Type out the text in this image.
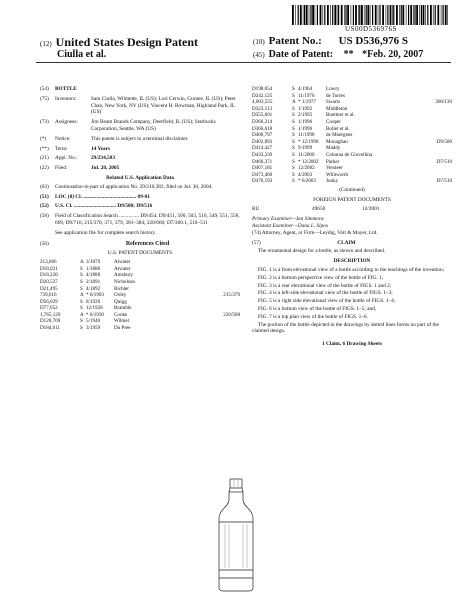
US00D536976S
(12) United States Design Patent
Ciulla et al.
(10) Patent No.: US D536,976 S
(45) Date of Patent: ** *Feb. 20, 2007
(54)	BOTTLE
(75)	Inventors:	Sam Ciulla, Wilmette, IL (US); Lori Cerwin, Gurnee, IL (US); Peter Chan, New York, NY (US); Vincent H. Bowman, Highland Park, IL (US)
(73)	Assignees:	Jim Beam Brands Company, Deerfield, IL (US); Starbucks Corporation, Seattle, WA (US)
(*)	Notice:	This patent is subject to a terminal disclaimer.
(**)	Term:	14 Years
(21)	Appl. No.:	29/234,583
(22)	Filed:	Jul. 20, 2005
Related U.S. Application Data
(63)	Continuation-in-part of application No. 29/210,383, filed on Jul. 30, 2004.
(51)	LOC (8) Cl. ........................................ 09-01
(52)	U.S. Cl. ................................ D9/500; D9/516
(58)	Field of Classification Search ............... D9/454, D9/451, 500, 503, 516, 549, 551, 558, 669, D9/716; 215/370, 371, 379, 381–384; 220/660; D7/300.1, 510–511
See application file for complete search history.
(56)	References Cited
U.S. PATENT DOCUMENTS
213,666	A	3/1879	Atwater	
D18,021	S	1/1888	Atwater	
D18,220	S	4/1888	Amsbury	
D20,527	S	2/1891	Nicholson	
D21,495	S	4/1892	Richter	
739,616	A	* 6/1903	Oxley	215/379
D56,029	S	8/1920	Quigg	
D77,052	S	12/1928	Bramble	
1,765,129	A	* 6/1930	Cooke	220/568
D120,769	S	5/1940	Wilmet	
D184,611	S	3/1959	Du Pree	
D198,054	S	4/1964	Lowry	
D242,125	S	11/1976	de Torres	
4,003,555	A	* 1/1977	Swartz	366/130
D323,113	S	1/1992	Middleton	
D355,601	S	2/1995	Boettner et al.	
D366,214	S	1/1996	Cooper	
D366,618	S	1/1996	Bollet et al.	
D400,797	S	11/1998	de Moergens	
D402,893	S	* 12/1998	Monaghan	D9/500
D414,427	S	9/1999	Maddy	
D433,339	S	11/2000	Colonna de Giovellina	
D466,371	S	* 12/2002	Parker	D7/510
D467,181	S	12/2002	Versteer	
D473,460	S	4/2003	Whitworth	
D476,193	S	* 6/2003	Junky	D7/510
(Continued)
FOREIGN PATENT DOCUMENTS
RU	49650	12/2001
Primary Examiner—Ian Simmons
Assistant Examiner—Dana L. Sipos
(74) Attorney, Agent, or Firm—Leydig, Voit & Mayer, Ltd.
(57)	CLAIM
The ornamental design for a bottle, as shown and described.
DESCRIPTION
FIG. 1 is a front elevational view of a bottle according to the teachings of the invention;
FIG. 2 is a bottom perspective view of the bottle of FIG. 1;
FIG. 3 is a rear elevational view of the bottle of FIGS. 1 and 2;
FIG. 4 is a left-side elevational view of the bottle of FIGS. 1–3;
FIG. 5 is a right side elevational view of the bottle of FIGS. 1–4;
FIG. 6 is a bottom view of the bottle of FIGS. 1–5; and,
FIG. 7 is a top plan view of the bottle of FIGS. 1–6.
The portion of the bottle depicted in the drawings by dotted lines forms no part of the claimed design.
1 Claim, 6 Drawing Sheets
